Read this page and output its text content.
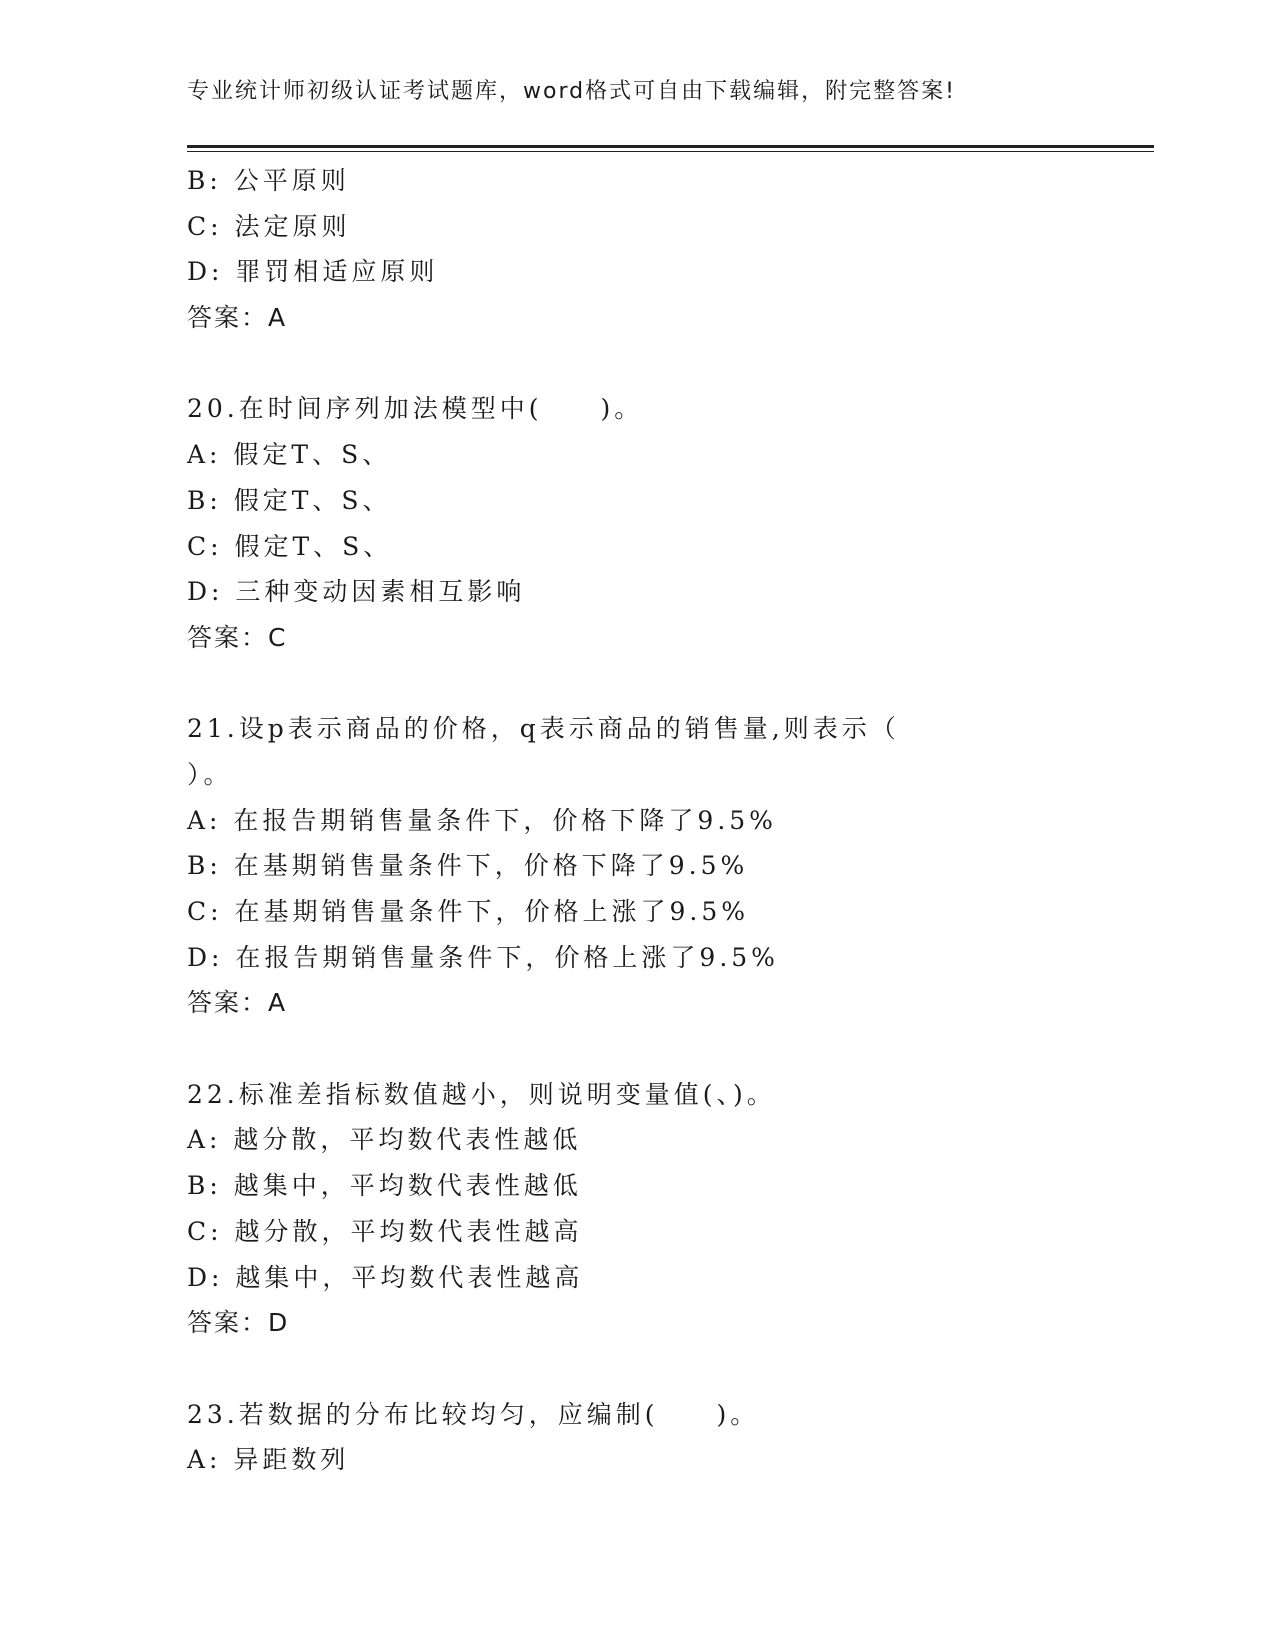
专业统计师初级认证考试题库，word格式可自由下载编辑，附完整答案!
B: 公平原则
C: 法定原则
D: 罪罚相适应原则
答案：A
20.在时间序列加法模型中(　　)。
A: 假定T、S、
B: 假定T、S、
C: 假定T、S、
D: 三种变动因素相互影响
答案：C
21.设p表示商品的价格，q表示商品的销售量,则表示（
）。
A: 在报告期销售量条件下，价格下降了9.5%
B: 在基期销售量条件下，价格下降了9.5%
C: 在基期销售量条件下，价格上涨了9.5%
D: 在报告期销售量条件下，价格上涨了9.5%
答案：A
22.标准差指标数值越小，则说明变量值(、)。
A: 越分散，平均数代表性越低
B: 越集中，平均数代表性越低
C: 越分散，平均数代表性越高
D: 越集中，平均数代表性越高
答案：D
23.若数据的分布比较均匀，应编制(　　)。
A: 异距数列
